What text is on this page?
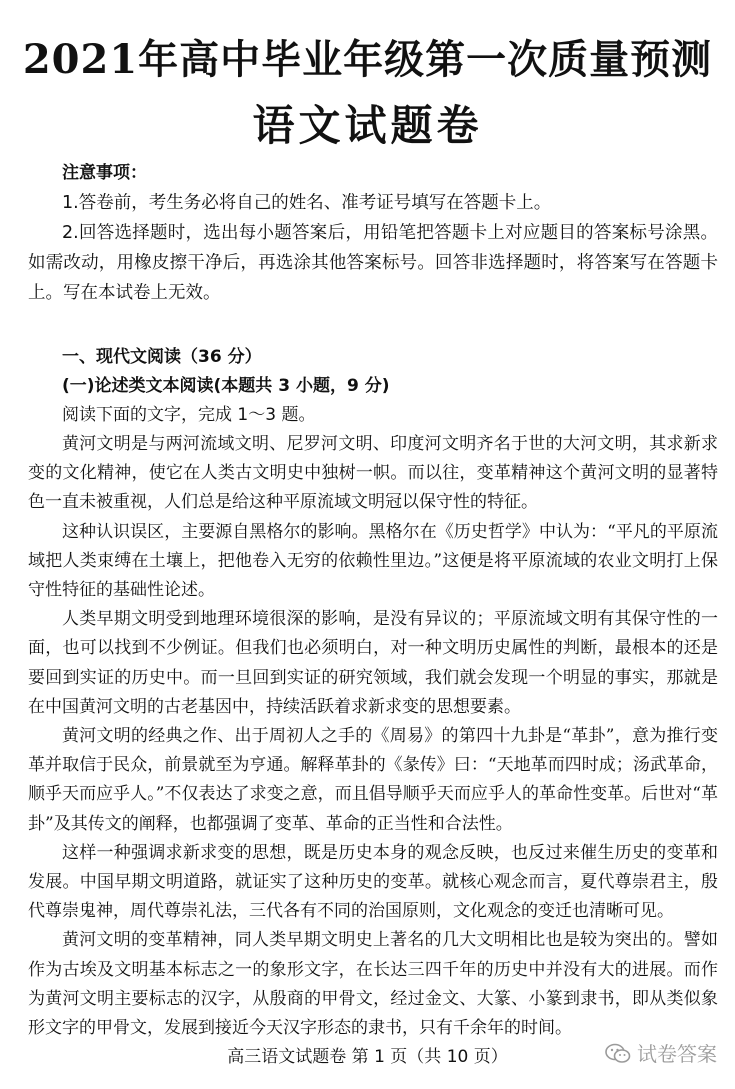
2021年高中毕业年级第一次质量预测
语文试题卷
注意事项：

1.答卷前，考生务必将自己的姓名、准考证号填写在答题卡上。

2.回答选择题时，选出每小题答案后，用铅笔把答题卡上对应题目的答案标号涂黑。如需改动，用橡皮擦干净后，再选涂其他答案标号。回答非选择题时，将答案写在答题卡上。写在本试卷上无效。

一、现代文阅读（36 分）
(一)论述类文本阅读(本题共 3 小题，9 分)
阅读下面的文字，完成 1～3 题。

黄河文明是与两河流域文明、尼罗河文明、印度河文明齐名于世的大河文明，其求新求变的文化精神，使它在人类古文明史中独树一帜。而以往，变革精神这个黄河文明的显著特色一直未被重视，人们总是给这种平原流域文明冠以保守性的特征。

这种认识误区，主要源自黑格尔的影响。黑格尔在《历史哲学》中认为：“平凡的平原流域把人类束缚在土壤上，把他卷入无穷的依赖性里边。”这便是将平原流域的农业文明打上保守性特征的基础性论述。

人类早期文明受到地理环境很深的影响，是没有异议的；平原流域文明有其保守性的一面，也可以找到不少例证。但我们也必须明白，对一种文明历史属性的判断，最根本的还是要回到实证的历史中。而一旦回到实证的研究领域，我们就会发现一个明显的事实，那就是在中国黄河文明的古老基因中，持续活跃着求新求变的思想要素。

黄河文明的经典之作、出于周初人之手的《周易》的第四十九卦是“革卦”，意为推行变革并取信于民众，前景就至为亨通。解释革卦的《彖传》曰：“天地革而四时成；汤武革命，顺乎天而应乎人。”不仅表达了求变之意，而且倡导顺乎天而应乎人的革命性变革。后世对“革卦”及其传文的阐释，也都强调了变革、革命的正当性和合法性。

这样一种强调求新求变的思想，既是历史本身的观念反映，也反过来催生历史的变革和发展。中国早期文明道路，就证实了这种历史的变革。就核心观念而言，夏代尊崇君主，殷代尊崇鬼神，周代尊崇礼法，三代各有不同的治国原则，文化观念的变迁也清晰可见。

黄河文明的变革精神，同人类早期文明史上著名的几大文明相比也是较为突出的。譬如作为古埃及文明基本标志之一的象形文字，在长达三四千年的历史中并没有大的进展。而作为黄河文明主要标志的汉字，从殷商的甲骨文，经过金文、大篆、小篆到隶书，即从类似象形文字的甲骨文，发展到接近今天汉字形态的隶书，只有千余年的时间。

高三语文试题卷 第 1 页（共 10 页）	试卷答案
